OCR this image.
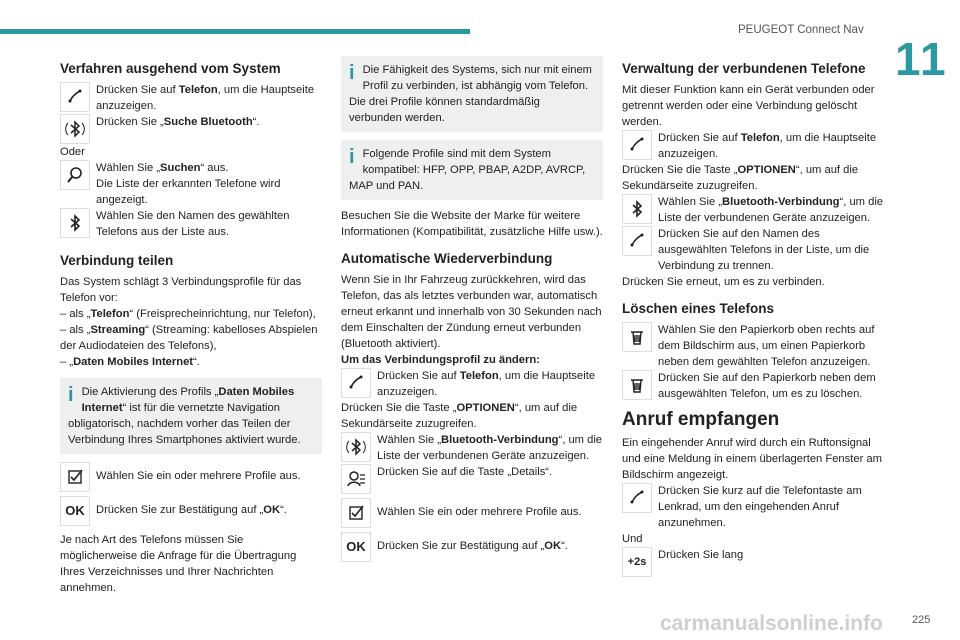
PEUGEOT Connect Nav
11
225
carmanualsonline.info
Verfahren ausgehend vom System

Drücken Sie auf Telefon, um die Hauptseite anzuzeigen.

Drücken Sie „Suche Bluetooth“.

Oder

Wählen Sie „Suchen“ aus.
Die Liste der erkannten Telefone wird angezeigt.

Wählen Sie den Namen des gewählten Telefons aus der Liste aus.

Verbindung teilen

Das System schlägt 3 Verbindungsprofile für das Telefon vor:

– als „Telefon“ (Freisprecheinrichtung, nur Telefon),

– als „Streaming“ (Streaming: kabelloses Abspielen der Audiodateien des Telefons),

– „Daten Mobiles Internet“.

i Die Aktivierung des Profils „Daten Mobiles Internet“ ist für die vernetzte Navigation obligatorisch, nachdem vorher das Teilen der Verbindung Ihres Smartphones aktiviert wurde.

Wählen Sie ein oder mehrere Profile aus.

OK	Drücken Sie zur Bestätigung auf „OK“.

Je nach Art des Telefons müssen Sie möglicherweise die Anfrage für die Übertragung Ihres Verzeichnisses und Ihrer Nachrichten annehmen.

i Die Fähigkeit des Systems, sich nur mit einem Profil zu verbinden, ist abhängig vom Telefon. Die drei Profile können standardmäßig verbunden werden.

i Folgende Profile sind mit dem System kompatibel: HFP, OPP, PBAP, A2DP, AVRCP, MAP und PAN.

Besuchen Sie die Website der Marke für weitere Informationen (Kompatibilität, zusätzliche Hilfe usw.).

Automatische Wiederverbindung

Wenn Sie in Ihr Fahrzeug zurückkehren, wird das Telefon, das als letztes verbunden war, automatisch erneut erkannt und innerhalb von 30 Sekunden nach dem Einschalten der Zündung erneut verbunden (Bluetooth aktiviert).

Um das Verbindungsprofil zu ändern:

Drücken Sie auf Telefon, um die Hauptseite anzuzeigen.

Drücken Sie die Taste „OPTIONEN“, um auf die Sekundärseite zuzugreifen.

Wählen Sie „Bluetooth-Verbindung“, um die Liste der verbundenen Geräte anzuzeigen.

Drücken Sie auf die Taste „Details“.

Wählen Sie ein oder mehrere Profile aus.

OK	Drücken Sie zur Bestätigung auf „OK“.

Verwaltung der verbundenen Telefone

Mit dieser Funktion kann ein Gerät verbunden oder getrennt werden oder eine Verbindung gelöscht werden.

Drücken Sie auf Telefon, um die Hauptseite anzuzeigen.

Drücken Sie die Taste „OPTIONEN“, um auf die Sekundärseite zuzugreifen.

Wählen Sie „Bluetooth-Verbindung“, um die Liste der verbundenen Geräte anzuzeigen.

Drücken Sie auf den Namen des ausgewählten Telefons in der Liste, um die Verbindung zu trennen.

Drücken Sie erneut, um es zu verbinden.

Löschen eines Telefons

Wählen Sie den Papierkorb oben rechts auf dem Bildschirm aus, um einen Papierkorb neben dem gewählten Telefon anzuzeigen.

Drücken Sie auf den Papierkorb neben dem ausgewählten Telefon, um es zu löschen.

Anruf empfangen

Ein eingehender Anruf wird durch ein Ruftonsignal und eine Meldung in einem überlagerten Fenster am Bildschirm angezeigt.

Drücken Sie kurz auf die Telefontaste am Lenkrad, um den eingehenden Anruf anzunehmen.

Und

+2s

Drücken Sie lang
